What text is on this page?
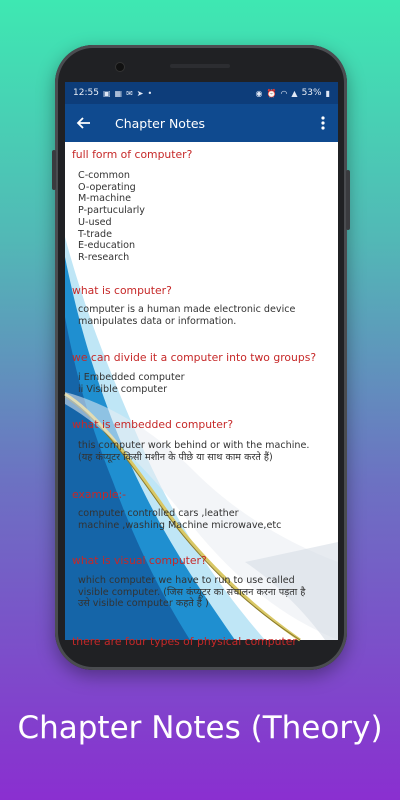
12:55 ▣ ▦ ✉ ➤ •	◉ ⏰ ◠ ▲ 53% ▮
Chapter Notes
full form of computer?
C-common
O-operating
M-machine
P-partucularly
U-used
T-trade
E-education
R-research
what is computer?
computer is a human made electronic device
manipulates data or information.
we can divide it a computer into two groups?
i Embedded computer
ii Visible computer
what is embedded computer?
this computer work behind or with the machine.
(यह कंप्यूटर किसी मशीन के पीछे या साथ काम करते हैं)
example:-
computer controlled cars ,leather
machine ,washing Machine microwave,etc
what is visual computer?
which computer we have to run to use called
visible computer. (जिस कंप्यूटर का संचालन करना पड़ता है
उसे visible computer कहते हैं )
there are four types of physical computer
Chapter Notes (Theory)
